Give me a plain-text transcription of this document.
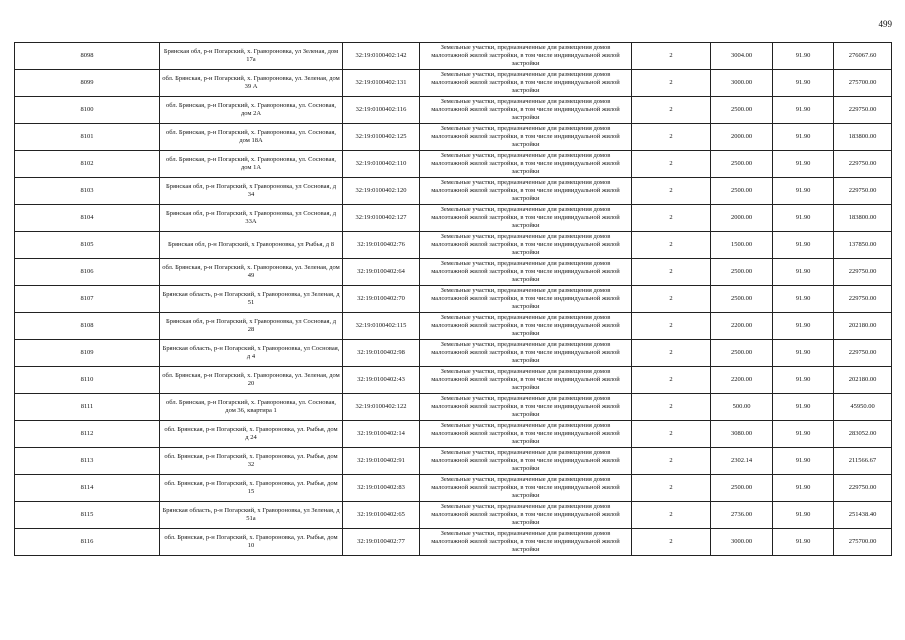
499
8098	Брянская обл, р-н Погарский, х. Гравороновка, ул Зеленая, дом 17а	32:19:0100402:142	Земельные участки, предназначенные для размещения домов малоэтажной жилой застройки, в том числе индивидуальной жилой застройки	2	3004.00	91.90	276067.60
8099	обл. Брянская, р-н Погарский, х. Гравороновка, ул. Зеленая, дом 39 А	32:19:0100402:131	Земельные участки, предназначенные для размещения домов малоэтажной жилой застройки, в том числе индивидуальной жилой застройки	2	3000.00	91.90	275700.00
8100	обл. Брянская, р-н Погарский, х. Гравороновка, ул. Сосновая, дом 2А	32:19:0100402:116	Земельные участки, предназначенные для размещения домов малоэтажной жилой застройки, в том числе индивидуальной жилой застройки	2	2500.00	91.90	229750.00
8101	обл. Брянская, р-н Погарский, х. Гравороновка, ул. Сосновая, дом 18А	32:19:0100402:125	Земельные участки, предназначенные для размещения домов малоэтажной жилой застройки, в том числе индивидуальной жилой застройки	2	2000.00	91.90	183800.00
8102	обл. Брянская, р-н Погарский, х. Гравороновка, ул. Сосновая, дом 1А	32:19:0100402:110	Земельные участки, предназначенные для размещения домов малоэтажной жилой застройки, в том числе индивидуальной жилой застройки	2	2500.00	91.90	229750.00
8103	Брянская обл, р-н Погарский, х Гравороновка, ул Сосновая, д 34	32:19:0100402:120	Земельные участки, предназначенные для размещения домов малоэтажной жилой застройки, в том числе индивидуальной жилой застройки	2	2500.00	91.90	229750.00
8104	Брянская обл, р-н Погарский, х Гравороновка, ул Сосновая, д 33А	32:19:0100402:127	Земельные участки, предназначенные для размещения домов малоэтажной жилой застройки, в том числе индивидуальной жилой застройки	2	2000.00	91.90	183800.00
8105	Брянская обл, р-н Погарский, х Гравороновка, ул Рыбья, д 8	32:19:0100402:76	Земельные участки, предназначенные для размещения домов малоэтажной жилой застройки, в том числе индивидуальной жилой застройки	2	1500.00	91.90	137850.00
8106	обл. Брянская, р-н Погарский, х. Гравороновка, ул. Зеленая, дом 49	32:19:0100402:64	Земельные участки, предназначенные для размещения домов малоэтажной жилой застройки, в том числе индивидуальной жилой застройки	2	2500.00	91.90	229750.00
8107	Брянская область, р-н Погарский, х Гравороновка, ул Зеленая, д 51	32:19:0100402:70	Земельные участки, предназначенные для размещения домов малоэтажной жилой застройки, в том числе индивидуальной жилой застройки	2	2500.00	91.90	229750.00
8108	Брянская обл, р-н Погарский, х Гравороновка, ул Сосновая, д 28	32:19:0100402:115	Земельные участки, предназначенные для размещения домов малоэтажной жилой застройки, в том числе индивидуальной жилой застройки	2	2200.00	91.90	202180.00
8109	Брянская область, р-н Погарский, х Гравороновка, ул Сосновая, д 4	32:19:0100402:98	Земельные участки, предназначенные для размещения домов малоэтажной жилой застройки, в том числе индивидуальной жилой застройки	2	2500.00	91.90	229750.00
8110	обл. Брянская, р-н Погарский, х. Гравороновка, ул. Зеленая, дом 20	32:19:0100402:43	Земельные участки, предназначенные для размещения домов малоэтажной жилой застройки, в том числе индивидуальной жилой застройки	2	2200.00	91.90	202180.00
8111	обл. Брянская, р-н Погарский, х. Гравороновка, ул. Сосновая, дом 36, квартира 1	32:19:0100402:122	Земельные участки, предназначенные для размещения домов малоэтажной жилой застройки, в том числе индивидуальной жилой застройки	2	500.00	91.90	45950.00
8112	обл. Брянская, р-н Погарский, х. Гравороновка, ул. Рыбья, дом д 24	32:19:0100402:14	Земельные участки, предназначенные для размещения домов малоэтажной жилой застройки, в том числе индивидуальной жилой застройки	2	3080.00	91.90	283052.00
8113	обл. Брянская, р-н Погарский, х. Гравороновка, ул. Рыбья, дом 32	32:19:0100402:91	Земельные участки, предназначенные для размещения домов малоэтажной жилой застройки, в том числе индивидуальной жилой застройки	2	2302.14	91.90	211566.67
8114	обл. Брянская, р-н Погарский, х. Гравороновка, ул. Рыбья, дом 15	32:19:0100402:83	Земельные участки, предназначенные для размещения домов малоэтажной жилой застройки, в том числе индивидуальной жилой застройки	2	2500.00	91.90	229750.00
8115	Брянская область, р-н Погарский, х Гравороновка, ул Зеленая, д 51а	32:19:0100402:65	Земельные участки, предназначенные для размещения домов малоэтажной жилой застройки, в том числе индивидуальной жилой застройки	2	2736.00	91.90	251438.40
8116	обл. Брянская, р-н Погарский, х. Гравороновка, ул. Рыбья, дом 10	32:19:0100402:77	Земельные участки, предназначенные для размещения домов малоэтажной жилой застройки, в том числе индивидуальной жилой застройки	2	3000.00	91.90	275700.00
